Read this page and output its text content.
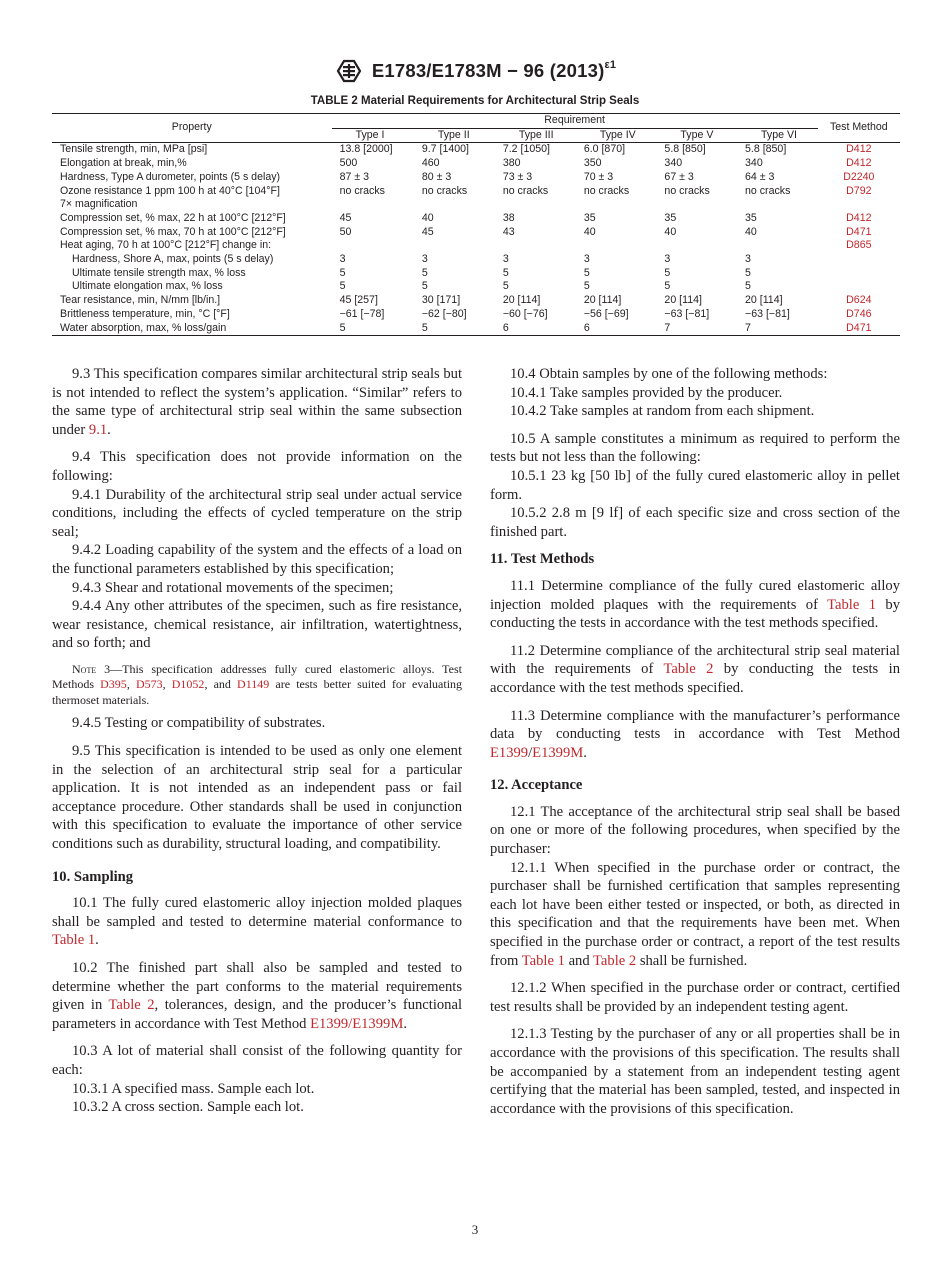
E1783/E1783M − 96 $(2013)^{\varepsilon 1}$
TABLE 2 Material Requirements for Architectural Strip Seals
Property	Requirement						Test Method
	Type I	Type II	Type III	Type IV	Type V	Type VI	
Tensile strength, min, MPa [psi]	13.8 [2000]	9.7 [1400]	7.2 [1050]	6.0 [870]	5.8 [850]	5.8 [850]	D412
Elongation at break, min,%	500	460	380	350	340	340	D412
Hardness, Type A durometer, points (5 s delay)	87 ± 3	80 ± 3	73 ± 3	70 ± 3	67 ± 3	64 ± 3	D2240
Ozone resistance 1 ppm 100 h at 40°C [104°F]	no cracks	no cracks	no cracks	no cracks	no cracks	no cracks	D792
7× magnification							
Compression set, % max, 22 h at 100°C [212°F]	45	40	38	35	35	35	D412
Compression set, % max, 70 h at 100°C [212°F]	50	45	43	40	40	40	D471
Heat aging, 70 h at 100°C [212°F] change in:							D865
Hardness, Shore A, max, points (5 s delay)	3	3	3	3	3	3	
Ultimate tensile strength max, % loss	5	5	5	5	5	5	
Ultimate elongation max, % loss	5	5	5	5	5	5	
Tear resistance, min, N/mm [lb/in.]	45 [257]	30 [171]	20 [114]	20 [114]	20 [114]	20 [114]	D624
Brittleness temperature, min, °C [°F]	−61 [−78]	−62 [−80]	−60 [−76]	−56 [−69]	−63 [−81]	−63 [−81]	D746
Water absorption, max, % loss/gain	5	5	6	6	7	7	D471

9.3 This specification compares similar architectural strip seals but is not intended to reflect the system’s application. “Similar” refers to the same type of architectural strip seal within the same subsection under 9.1.

9.4 This specification does not provide information on the following:

9.4.1 Durability of the architectural strip seal under actual service conditions, including the effects of cycled temperature on the strip seal;

9.4.2 Loading capability of the system and the effects of a load on the functional parameters established by this specification;

9.4.3 Shear and rotational movements of the specimen;

9.4.4 Any other attributes of the specimen, such as fire resistance, wear resistance, chemical resistance, air infiltration, watertightness, and so forth; and

Note 3—This specification addresses fully cured elastomeric alloys. Test Methods D395, D573, D1052, and D1149 are tests better suited for evaluating thermoset materials.

9.4.5 Testing or compatibility of substrates.

9.5 This specification is intended to be used as only one element in the selection of an architectural strip seal for a particular application. It is not intended as an independent pass or fail acceptance procedure. Other standards shall be used in conjunction with this specification to evaluate the importance of other service conditions such as durability, structural loading, and compatibility.

10. Sampling

10.1 The fully cured elastomeric alloy injection molded plaques shall be sampled and tested to determine material conformance to Table 1.

10.2 The finished part shall also be sampled and tested to determine whether the part conforms to the material requirements given in Table 2, tolerances, design, and the producer’s functional parameters in accordance with Test Method E1399/E1399M.

10.3 A lot of material shall consist of the following quantity for each:

10.3.1 A specified mass. Sample each lot.

10.3.2 A cross section. Sample each lot.

10.4 Obtain samples by one of the following methods:

10.4.1 Take samples provided by the producer.

10.4.2 Take samples at random from each shipment.

10.5 A sample constitutes a minimum as required to perform the tests but not less than the following:

10.5.1 23 kg [50 lb] of the fully cured elastomeric alloy in pellet form.

10.5.2 2.8 m [9 lf] of each specific size and cross section of the finished part.

11. Test Methods

11.1 Determine compliance of the fully cured elastomeric alloy injection molded plaques with the requirements of Table 1 by conducting the tests in accordance with the test methods specified.

11.2 Determine compliance of the architectural strip seal material with the requirements of Table 2 by conducting the tests in accordance with the test methods specified.

11.3 Determine compliance with the manufacturer’s performance data by conducting tests in accordance with Test Method E1399/E1399M.

12. Acceptance

12.1 The acceptance of the architectural strip seal shall be based on one or more of the following procedures, when specified by the purchaser:

12.1.1 When specified in the purchase order or contract, the purchaser shall be furnished certification that samples representing each lot have been either tested or inspected, or both, as directed in this specification and that the requirements have been met. When specified in the purchase order or contract, a report of the test results from Table 1 and Table 2 shall be furnished.

12.1.2 When specified in the purchase order or contract, certified test results shall be provided by an independent testing agent.

12.1.3 Testing by the purchaser of any or all properties shall be in accordance with the provisions of this specification. The results shall be accompanied by a statement from an independent testing agent certifying that the material has been sampled, tested, and inspected in accordance with the provisions of this specification.

3
